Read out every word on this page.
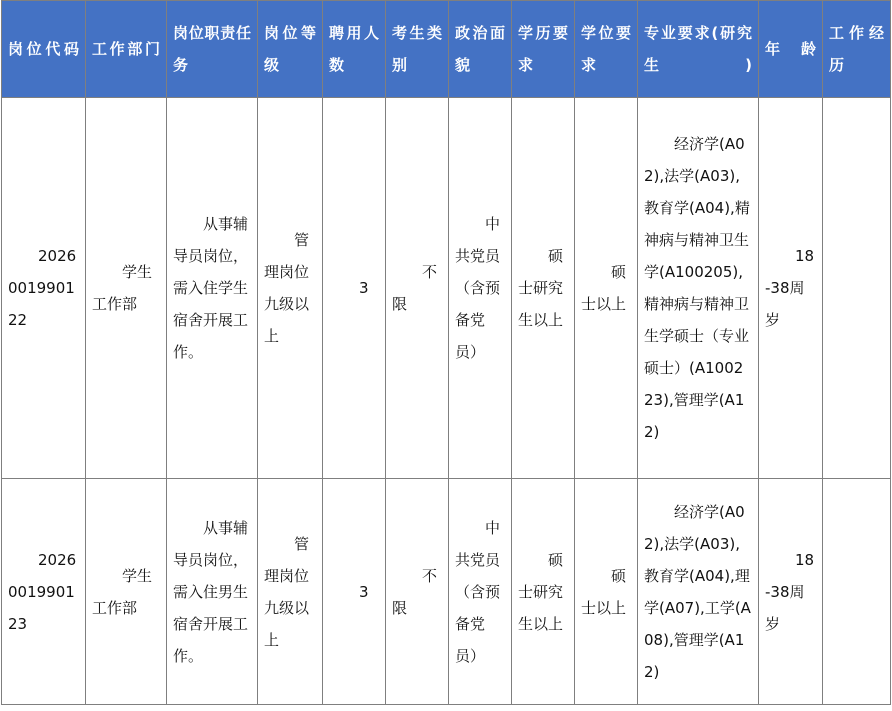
岗位代码	工作部门	岗位职责任务	岗位等级	聘用人数	考生类别	政治面貌	学历要求	学位要求	专业要求(研究生)	年龄	工作经历
2026001990122	学生工作部	从事辅导员岗位，需入住学生宿舍开展工作。	管理岗位九级以上	3	不限	中共党员（含预备党员）	硕士研究生以上	硕士以上	经济学(A02),法学(A03),教育学(A04),精神病与精神卫生学(A100205),精神病与精神卫生学硕士（专业硕士）(A100223),管理学(A12)	18-38周岁	
2026001990123	学生工作部	从事辅导员岗位，需入住男生宿舍开展工作。	管理岗位九级以上	3	不限	中共党员（含预备党员）	硕士研究生以上	硕士以上	经济学(A02),法学(A03),教育学(A04),理学(A07),工学(A08),管理学(A12)	18-38周岁	
